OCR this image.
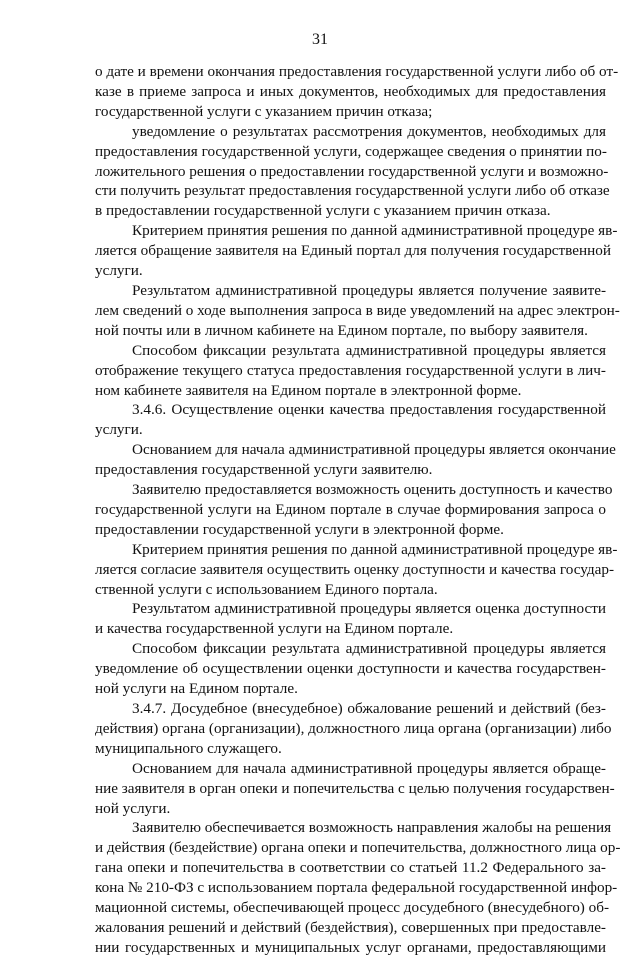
31

о дате и времени окончания предоставления государственной услуги либо об от-
казе в приеме запроса и иных документов, необходимых для предоставления
государственной услуги с указанием причин отказа;

уведомление о результатах рассмотрения документов, необходимых для
предоставления государственной услуги, содержащее сведения о принятии по-
ложительного решения о предоставлении государственной услуги и возможно-
сти получить результат предоставления государственной услуги либо об отказе
в предоставлении государственной услуги с указанием причин отказа.

Критерием принятия решения по данной административной процедуре яв-
ляется обращение заявителя на Единый портал для получения государственной
услуги.

Результатом административной процедуры является получение заявите-
лем сведений о ходе выполнения запроса в виде уведомлений на адрес электрон-
ной почты или в личном кабинете на Едином портале, по выбору заявителя.

Способом фиксации результата административной процедуры является
отображение текущего статуса предоставления государственной услуги в лич-
ном кабинете заявителя на Едином портале в электронной форме.

3.4.6. Осуществление оценки качества предоставления государственной
услуги.

Основанием для начала административной процедуры является окончание
предоставления государственной услуги заявителю.

Заявителю предоставляется возможность оценить доступность и качество
государственной услуги на Едином портале в случае формирования запроса о
предоставлении государственной услуги в электронной форме.

Критерием принятия решения по данной административной процедуре яв-
ляется согласие заявителя осуществить оценку доступности и качества государ-
ственной услуги с использованием Единого портала.

Результатом административной процедуры является оценка доступности
и качества государственной услуги на Едином портале.

Способом фиксации результата административной процедуры является
уведомление об осуществлении оценки доступности и качества государствен-
ной услуги на Едином портале.

3.4.7. Досудебное (внесудебное) обжалование решений и действий (без-
действия) органа (организации), должностного лица органа (организации) либо
муниципального служащего.

Основанием для начала административной процедуры является обраще-
ние заявителя в орган опеки и попечительства с целью получения государствен-
ной услуги.

Заявителю обеспечивается возможность направления жалобы на решения
и действия (бездействие) органа опеки и попечительства, должностного лица ор-
гана опеки и попечительства в соответствии со статьей 11.2 Федерального за-
кона № 210-ФЗ с использованием портала федеральной государственной инфор-
мационной системы, обеспечивающей процесс досудебного (внесудебного) об-
жалования решений и действий (бездействия), совершенных при предоставле-
нии государственных и муниципальных услуг органами, предоставляющими
